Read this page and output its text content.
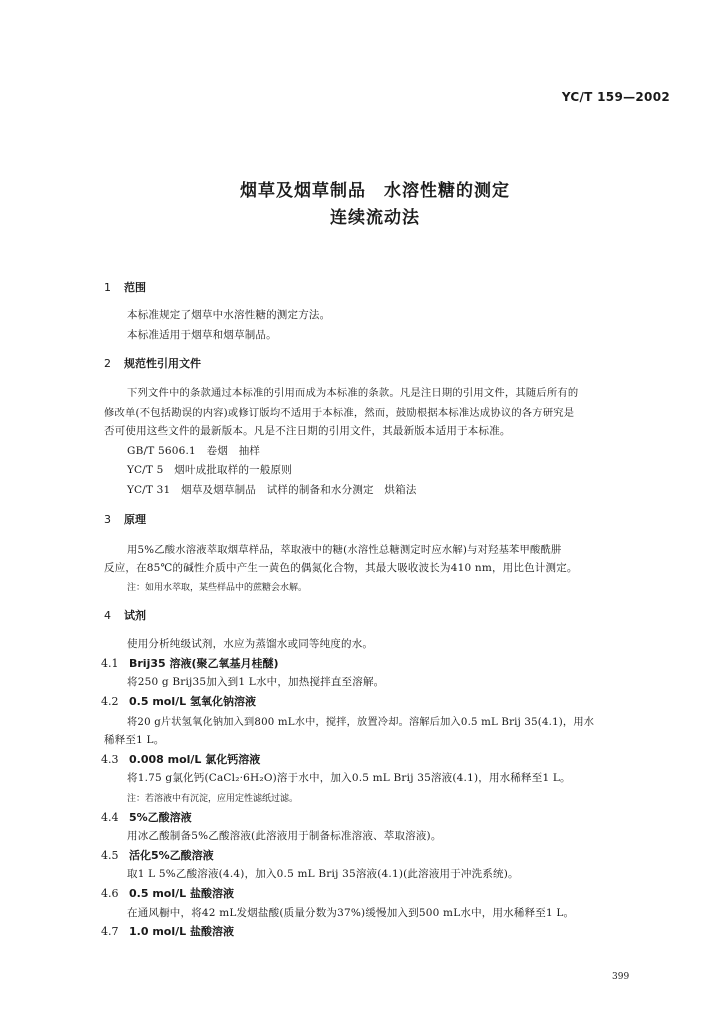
YC/T 159—2002
烟草及烟草制品　水溶性糖的测定
连续流动法
1 范围
本标准规定了烟草中水溶性糖的测定方法。
本标准适用于烟草和烟草制品。
2 规范性引用文件
下列文件中的条款通过本标准的引用而成为本标准的条款。凡是注日期的引用文件，其随后所有的
修改单(不包括勘误的内容)或修订版均不适用于本标准，然而，鼓励根据本标准达成协议的各方研究是
否可使用这些文件的最新版本。凡是不注日期的引用文件，其最新版本适用于本标准。
GB/T 5606.1　卷烟　抽样
YC/T 5　烟叶成批取样的一般原则
YC/T 31　烟草及烟草制品　试样的制备和水分测定　烘箱法
3 原理
用5%乙酸水溶液萃取烟草样品，萃取液中的糖(水溶性总糖测定时应水解)与对羟基苯甲酸酰肼
反应，在85℃的碱性介质中产生一黄色的偶氮化合物，其最大吸收波长为410 nm，用比色计测定。
注：如用水萃取，某些样品中的蔗糖会水解。
4 试剂
使用分析纯级试剂，水应为蒸馏水或同等纯度的水。
4.1 Brij35 溶液(聚乙氧基月桂醚)
将250 g Brij35加入到1 L水中，加热搅拌直至溶解。
4.2 0.5 mol/L 氢氧化钠溶液
将20 g片状氢氧化钠加入到800 mL水中，搅拌，放置冷却。溶解后加入0.5 mL Brij 35(4.1)，用水
稀释至1 L。
4.3 0.008 mol/L 氯化钙溶液
将1.75 g氯化钙(CaCl₂·6H₂O)溶于水中，加入0.5 mL Brij 35溶液(4.1)，用水稀释至1 L。
注：若溶液中有沉淀，应用定性滤纸过滤。
4.4 5%乙酸溶液
用冰乙酸制备5%乙酸溶液(此溶液用于制备标准溶液、萃取溶液)。
4.5 活化5%乙酸溶液
取1 L 5%乙酸溶液(4.4)，加入0.5 mL Brij 35溶液(4.1)(此溶液用于冲洗系统)。
4.6 0.5 mol/L 盐酸溶液
在通风橱中，将42 mL发烟盐酸(质量分数为37%)缓慢加入到500 mL水中，用水稀释至1 L。
4.7 1.0 mol/L 盐酸溶液
399
